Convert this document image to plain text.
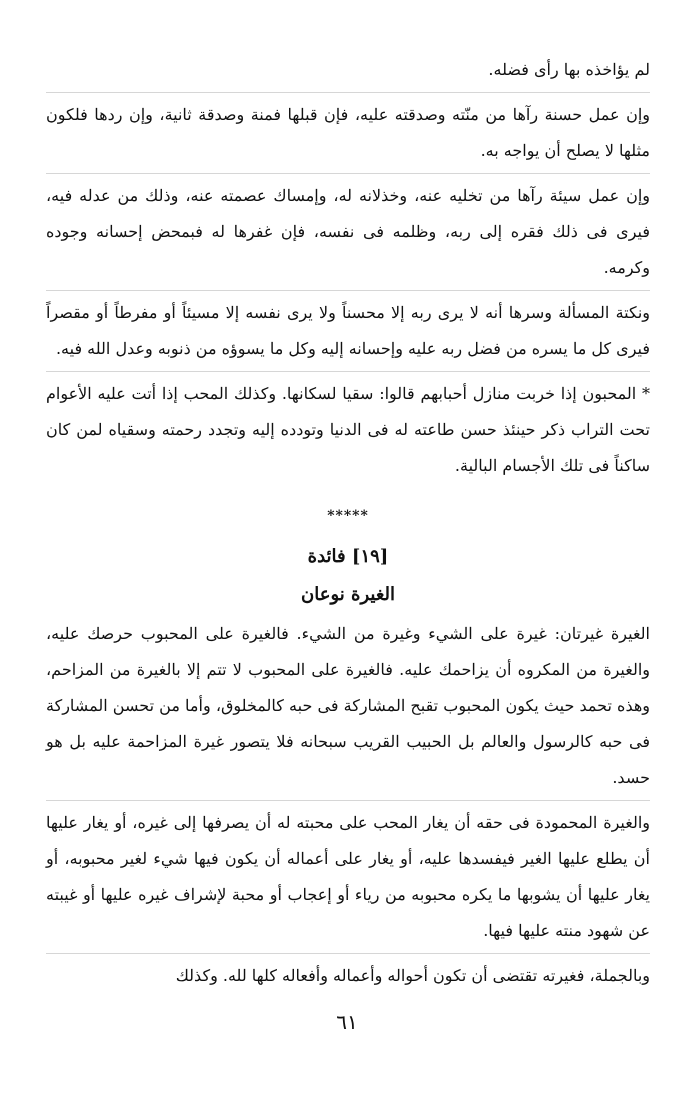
لم يؤاخذه بها رأى فضله.

وإن عمل حسنة رآها من منّته وصدقته عليه، فإن قبلها فمنة وصدقة ثانية، وإن ردها فلكون مثلها لا يصلح أن يواجه به.

وإن عمل سيئة رآها من تخليه عنه، وخذلانه له، وإمساك عصمته عنه، وذلك من عدله فيه، فيرى فى ذلك فقره إلى ربه، وظلمه فى نفسه، فإن غفرها له فبمحض إحسانه وجوده وكرمه.

ونكتة المسألة وسرها أنه لا يرى ربه إلا محسناً ولا يرى نفسه إلا مسيئاً أو مفرطاً أو مقصراً فيرى كل ما يسره من فضل ربه عليه وإحسانه إليه وكل ما يسوؤه من ذنوبه وعدل الله فيه.

* المحبون إذا خربت منازل أحبابهم قالوا: سقيا لسكانها. وكذلك المحب إذا أتت عليه الأعوام تحت التراب ذكر حينئذ حسن طاعته له فى الدنيا وتودده إليه وتجدد رحمته وسقياه لمن كان ساكناً فى تلك الأجسام البالية.

*****
[١٩] فائدة
الغيرة نوعان

الغيرة غيرتان: غيرة على الشيء وغيرة من الشيء. فالغيرة على المحبوب حرصك عليه، والغيرة من المكروه أن يزاحمك عليه. فالغيرة على المحبوب لا تتم إلا بالغيرة من المزاحم، وهذه تحمد حيث يكون المحبوب تقبح المشاركة فى حبه كالمخلوق، وأما من تحسن المشاركة فى حبه كالرسول والعالم بل الحبيب القريب سبحانه فلا يتصور غيرة المزاحمة عليه بل هو حسد.

والغيرة المحمودة فى حقه أن يغار المحب على محبته له أن يصرفها إلى غيره، أو يغار عليها أن يطلع عليها الغير فيفسدها عليه، أو يغار على أعماله أن يكون فيها شيء لغير محبوبه، أو يغار عليها أن يشوبها ما يكره محبوبه من رياء أو إعجاب أو محبة لإشراف غيره عليها أو غيبته عن شهود منته عليها فيها.

وبالجملة، فغيرته تقتضى أن تكون أحواله وأعماله وأفعاله كلها لله. وكذلك

٦١
